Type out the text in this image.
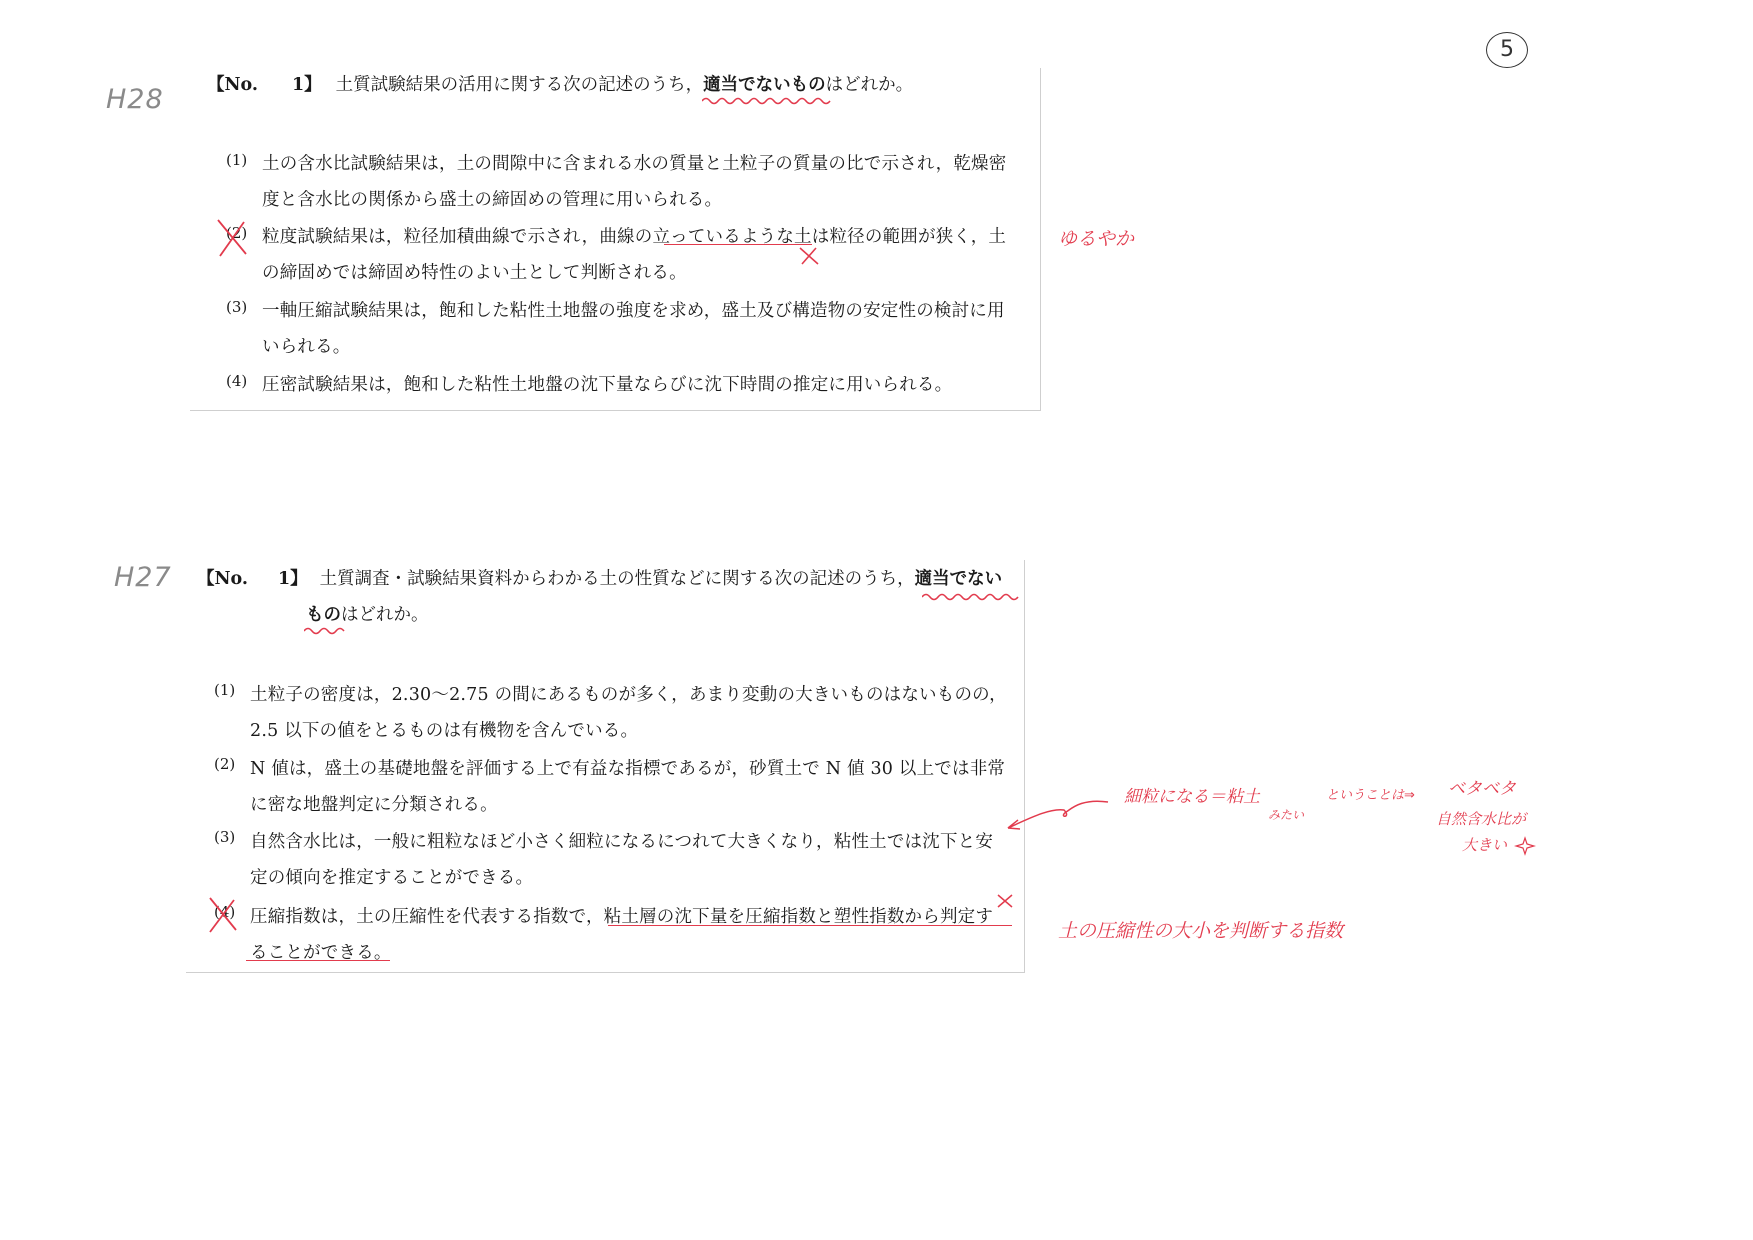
5
H28 【No. 1】 土質試験結果の活用に関する次の記述のうち，適当でないものはどれか。
(1) 土の含水比試験結果は，土の間隙中に含まれる水の質量と土粒子の質量の比で示され，乾燥密
度と含水比の関係から盛土の締固めの管理に用いられる。
(2) 粒度試験結果は，粒径加積曲線で示され，曲線の立っているような土は粒径の範囲が狭く，土
の締固めでは締固め特性のよい土として判断される。
ゆるやか
(3) 一軸圧縮試験結果は，飽和した粘性土地盤の強度を求め，盛土及び構造物の安定性の検討に用
いられる。
(4) 圧密試験結果は，飽和した粘性土地盤の沈下量ならびに沈下時間の推定に用いられる。
H27 【No. 1】 土質調査・試験結果資料からわかる土の性質などに関する次の記述のうち，適当でない
ものはどれか。
(1) 土粒子の密度は，2.30〜2.75 の間にあるものが多く，あまり変動の大きいものはないものの，
2.5 以下の値をとるものは有機物を含んでいる。
(2) N 値は，盛土の基礎地盤を評価する上で有益な指標であるが，砂質土で N 値 30 以上では非常
に密な地盤判定に分類される。
(3) 自然含水比は，一般に粗粒なほど小さく細粒になるにつれて大きくなり，粘性土では沈下と安
定の傾向を推定することができる。
(4) 圧縮指数は，土の圧縮性を代表する指数で，粘土層の沈下量を圧縮指数と塑性指数から判定す
ることができる。
細粒になる＝粘土
みたい
ということは⇒ ベタベタ
自然含水比が
大きい
土の圧縮性の大小を判断する指数
